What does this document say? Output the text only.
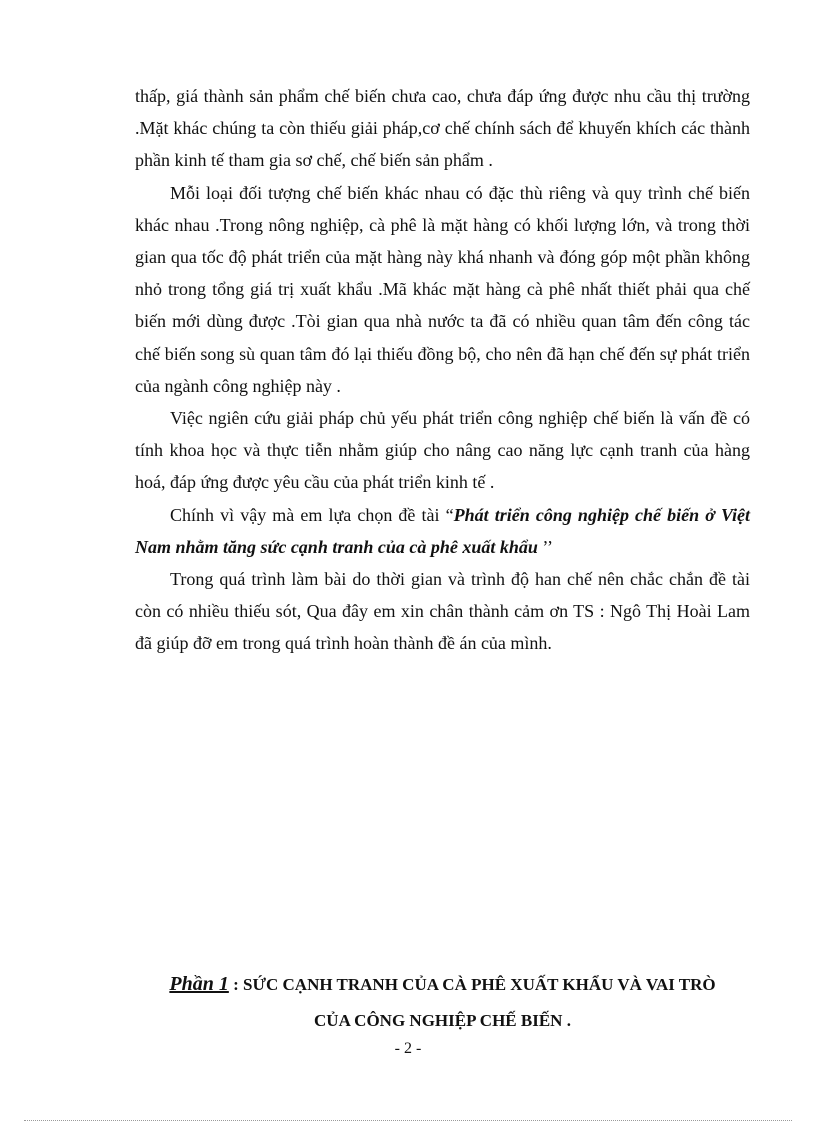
thấp, giá thành sản phẩm chế biến chưa cao, chưa đáp ứng được nhu cầu thị trường .Mặt khác chúng ta còn thiếu giải pháp,cơ chế chính sách để khuyến khích các thành phần kinh tế tham gia sơ chế, chế biến sản phẩm .

Mỗi loại đối tượng chế biến khác nhau có đặc thù riêng và quy trình chế biến khác nhau .Trong nông nghiệp, cà phê là mặt hàng có khối lượng lớn, và trong thời gian qua tốc độ phát triển của mặt hàng này khá nhanh và đóng góp một phần không nhỏ trong tổng giá trị xuất khẩu .Mã khác mặt hàng cà phê nhất thiết phải qua chế biến mới dùng được .Tòi gian qua nhà nước ta đã có nhiều quan tâm đến công tác chế biến song sù quan tâm đó lại thiếu đồng bộ, cho nên đã hạn chế đến sự phát triển của ngành công nghiệp này .

Việc ngiên cứu giải pháp chủ yếu phát triển công nghiệp chế biến là vấn đề có tính khoa học và thực tiễn nhằm giúp cho nâng cao năng lực cạnh tranh của hàng hoá, đáp ứng được yêu cầu của phát triển kinh tế .

Chính vì vậy mà em lựa chọn đề tài “Phát triển công nghiệp chế biến ở Việt Nam nhằm tăng sức cạnh tranh của cà phê xuất khẩu ’’

Trong quá trình làm bài do thời gian và trình độ han chế nên chắc chắn đề tài còn có nhiều thiếu sót, Qua đây em xin chân thành cảm ơn TS : Ngô Thị Hoài Lam đã giúp đỡ em trong quá trình hoàn thành đề án của mình.

Phần 1 : SỨC CẠNH TRANH CỦA CÀ PHÊ XUẤT KHẨU VÀ VAI TRÒ
CỦA CÔNG NGHIỆP CHẾ BIẾN .
- 2 -
